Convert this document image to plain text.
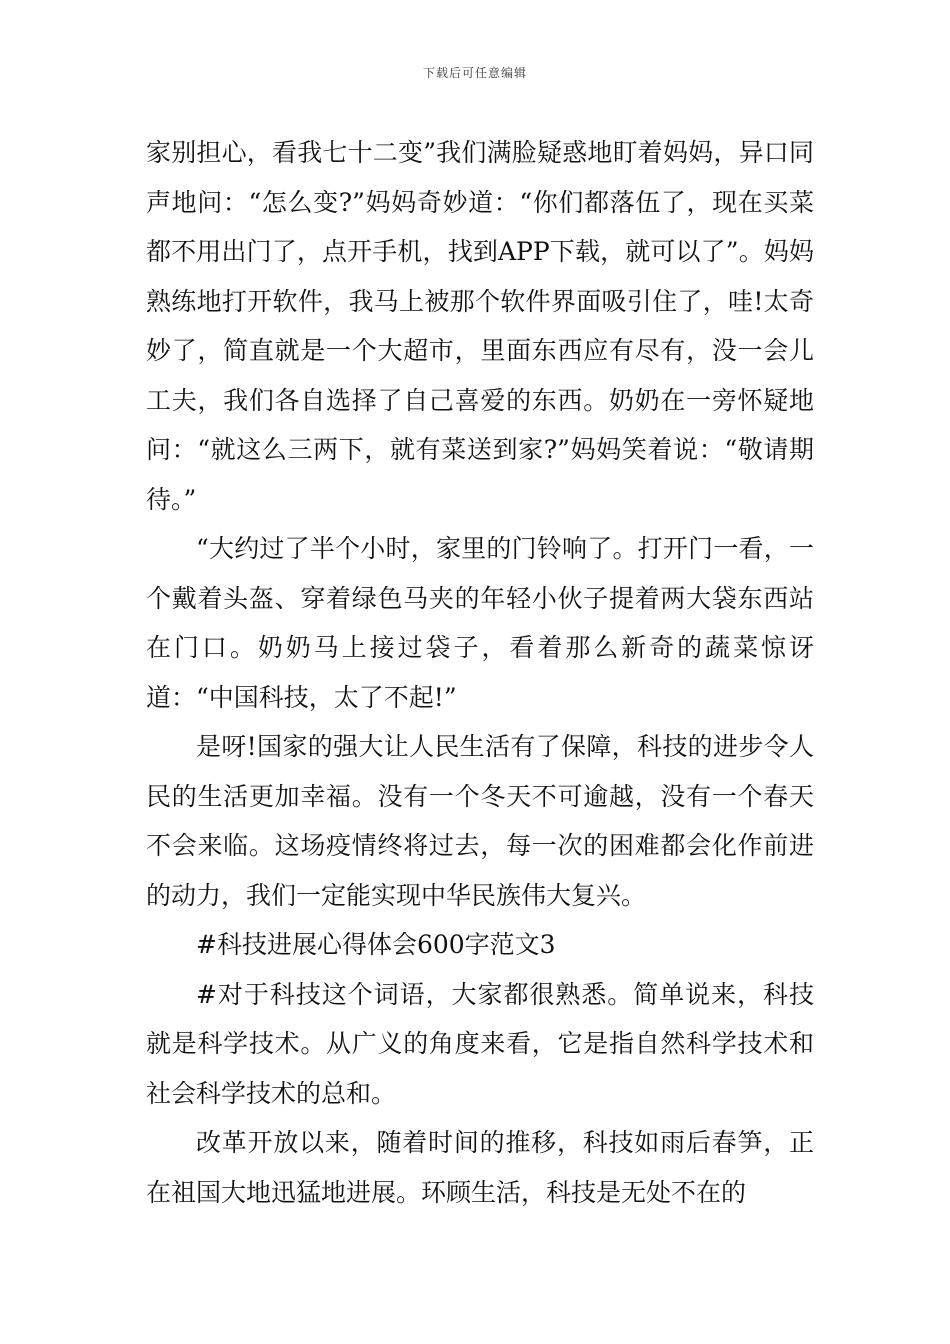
下载后可任意编辑

家别担心，看我七十二变”我们满脸疑惑地盯着妈妈，异口同声地问：“怎么变?”妈妈奇妙道：“你们都落伍了，现在买菜都不用出门了，点开手机，找到APP下载，就可以了”。妈妈熟练地打开软件，我马上被那个软件界面吸引住了，哇!太奇妙了，简直就是一个大超市，里面东西应有尽有，没一会儿工夫，我们各自选择了自己喜爱的东西。奶奶在一旁怀疑地问：“就这么三两下，就有菜送到家?”妈妈笑着说：“敬请期待。”

“大约过了半个小时，家里的门铃响了。打开门一看，一个戴着头盔、穿着绿色马夹的年轻小伙子提着两大袋东西站在门口。奶奶马上接过袋子，看着那么新奇的蔬菜惊讶道：“中国科技，太了不起!”

是呀!国家的强大让人民生活有了保障，科技的进步令人民的生活更加幸福。没有一个冬天不可逾越，没有一个春天不会来临。这场疫情终将过去，每一次的困难都会化作前进的动力，我们一定能实现中华民族伟大复兴。

#科技进展心得体会600字范文3

#对于科技这个词语，大家都很熟悉。简单说来，科技就是科学技术。从广义的角度来看，它是指自然科学技术和社会科学技术的总和。

改革开放以来，随着时间的推移，科技如雨后春笋，正在祖国大地迅猛地进展。环顾生活，科技是无处不在的
